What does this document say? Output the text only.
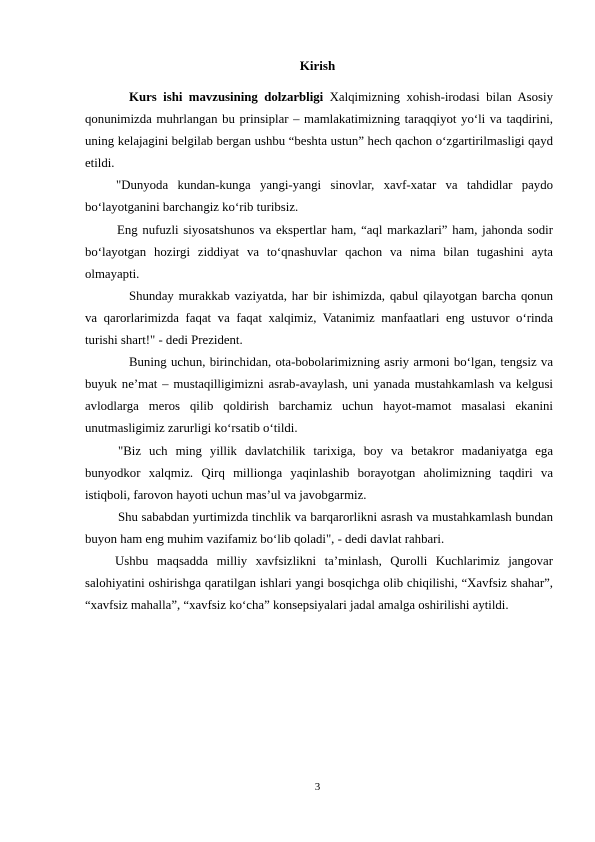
Kirish

Kurs ishi mavzusining dolzarbligi Xalqimizning xohish-irodasi bilan Asosiy qonunimizda muhrlangan bu prinsiplar – mamlakatimizning taraqqiyot yo‘li va taqdirini, uning kelajagini belgilab bergan ushbu “beshta ustun” hech qachon o‘zgartirilmasligi qayd etildi.

"Dunyoda kundan-kunga yangi-yangi sinovlar, xavf-xatar va tahdidlar paydo bo‘layotganini barchangiz ko‘rib turibsiz.

Eng nufuzli siyosatshunos va ekspertlar ham, “aql markazlari” ham, jahonda sodir bo‘layotgan hozirgi ziddiyat va to‘qnashuvlar qachon va nima bilan tugashini ayta olmayapti.

Shunday murakkab vaziyatda, har bir ishimizda, qabul qilayotgan barcha qonun va qarorlarimizda faqat va faqat xalqimiz, Vatanimiz manfaatlari eng ustuvor o‘rinda turishi shart!" - dedi Prezident.

Buning uchun, birinchidan, ota-bobolarimizning asriy armoni bo‘lgan, tengsiz va buyuk ne’mat – mustaqilligimizni asrab-avaylash, uni yanada mustahkamlash va kelgusi avlodlarga meros qilib qoldirish barchamiz uchun hayot-mamot masalasi ekanini unutmasligimiz zarurligi ko‘rsatib o‘tildi.

"Biz uch ming yillik davlatchilik tarixiga, boy va betakror madaniyatga ega bunyodkor xalqmiz. Qirq millionga yaqinlashib borayotgan aholimizning taqdiri va istiqboli, farovon hayoti uchun mas’ul va javobgarmiz.

Shu sababdan yurtimizda tinchlik va barqarorlikni asrash va mustahkamlash bundan buyon ham eng muhim vazifamiz bo‘lib qoladi", - dedi davlat rahbari.

Ushbu maqsadda milliy xavfsizlikni ta’minlash, Qurolli Kuchlarimiz jangovar salohiyatini oshirishga qaratilgan ishlari yangi bosqichga olib chiqilishi, “Xavfsiz shahar”, “xavfsiz mahalla”, “xavfsiz ko‘cha” konsepsiyalari jadal amalga oshirilishi aytildi.

3
